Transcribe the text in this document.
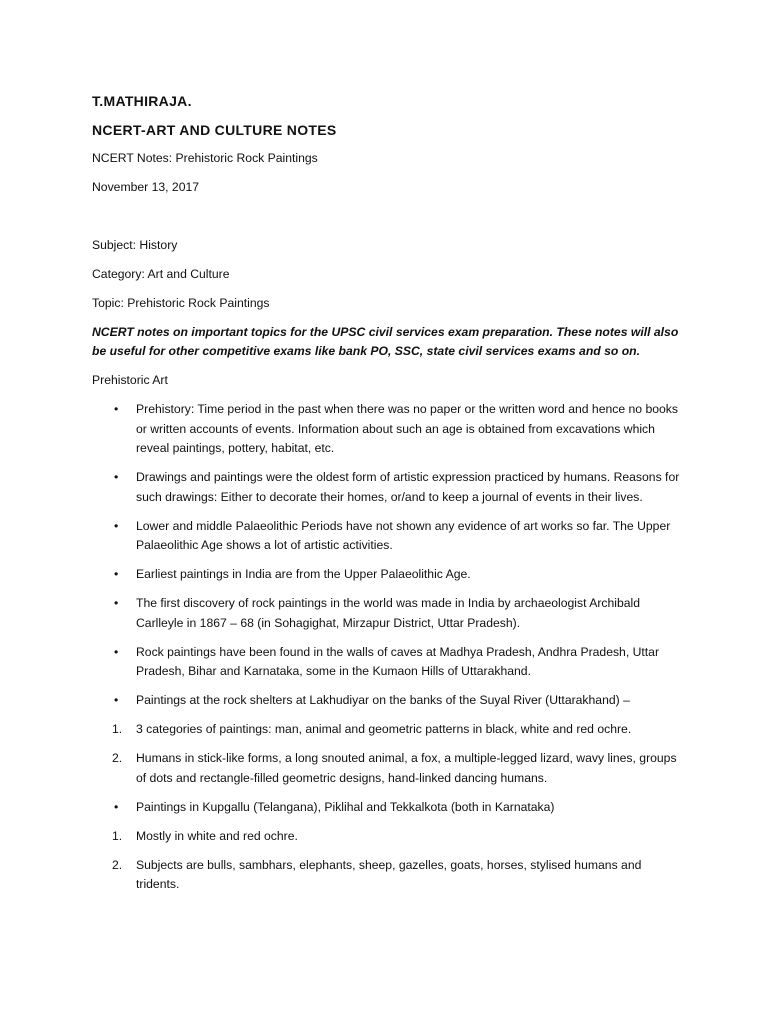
T.MATHIRAJA.

NCERT-ART AND CULTURE NOTES

NCERT Notes: Prehistoric Rock Paintings

November 13, 2017

Subject: History

Category: Art and Culture

Topic: Prehistoric Rock Paintings

NCERT notes on important topics for the UPSC civil services exam preparation. These notes will also be useful for other competitive exams like bank PO, SSC, state civil services exams and so on.

Prehistoric Art

• Prehistory: Time period in the past when there was no paper or the written word and hence no books or written accounts of events. Information about such an age is obtained from excavations which reveal paintings, pottery, habitat, etc.
• Drawings and paintings were the oldest form of artistic expression practiced by humans. Reasons for such drawings: Either to decorate their homes, or/and to keep a journal of events in their lives.
• Lower and middle Palaeolithic Periods have not shown any evidence of art works so far. The Upper Palaeolithic Age shows a lot of artistic activities.
• Earliest paintings in India are from the Upper Palaeolithic Age.
• The first discovery of rock paintings in the world was made in India by archaeologist Archibald Carlleyle in 1867 – 68 (in Sohagighat, Mirzapur District, Uttar Pradesh).
• Rock paintings have been found in the walls of caves at Madhya Pradesh, Andhra Pradesh, Uttar Pradesh, Bihar and Karnataka, some in the Kumaon Hills of Uttarakhand.
• Paintings at the rock shelters at Lakhudiyar on the banks of the Suyal River (Uttarakhand) –
1. 3 categories of paintings: man, animal and geometric patterns in black, white and red ochre.
2. Humans in stick-like forms, a long snouted animal, a fox, a multiple-legged lizard, wavy lines, groups of dots and rectangle-filled geometric designs, hand-linked dancing humans.
• Paintings in Kupgallu (Telangana), Piklihal and Tekkalkota (both in Karnataka)
1. Mostly in white and red ochre.
2. Subjects are bulls, sambhars, elephants, sheep, gazelles, goats, horses, stylised humans and tridents.
